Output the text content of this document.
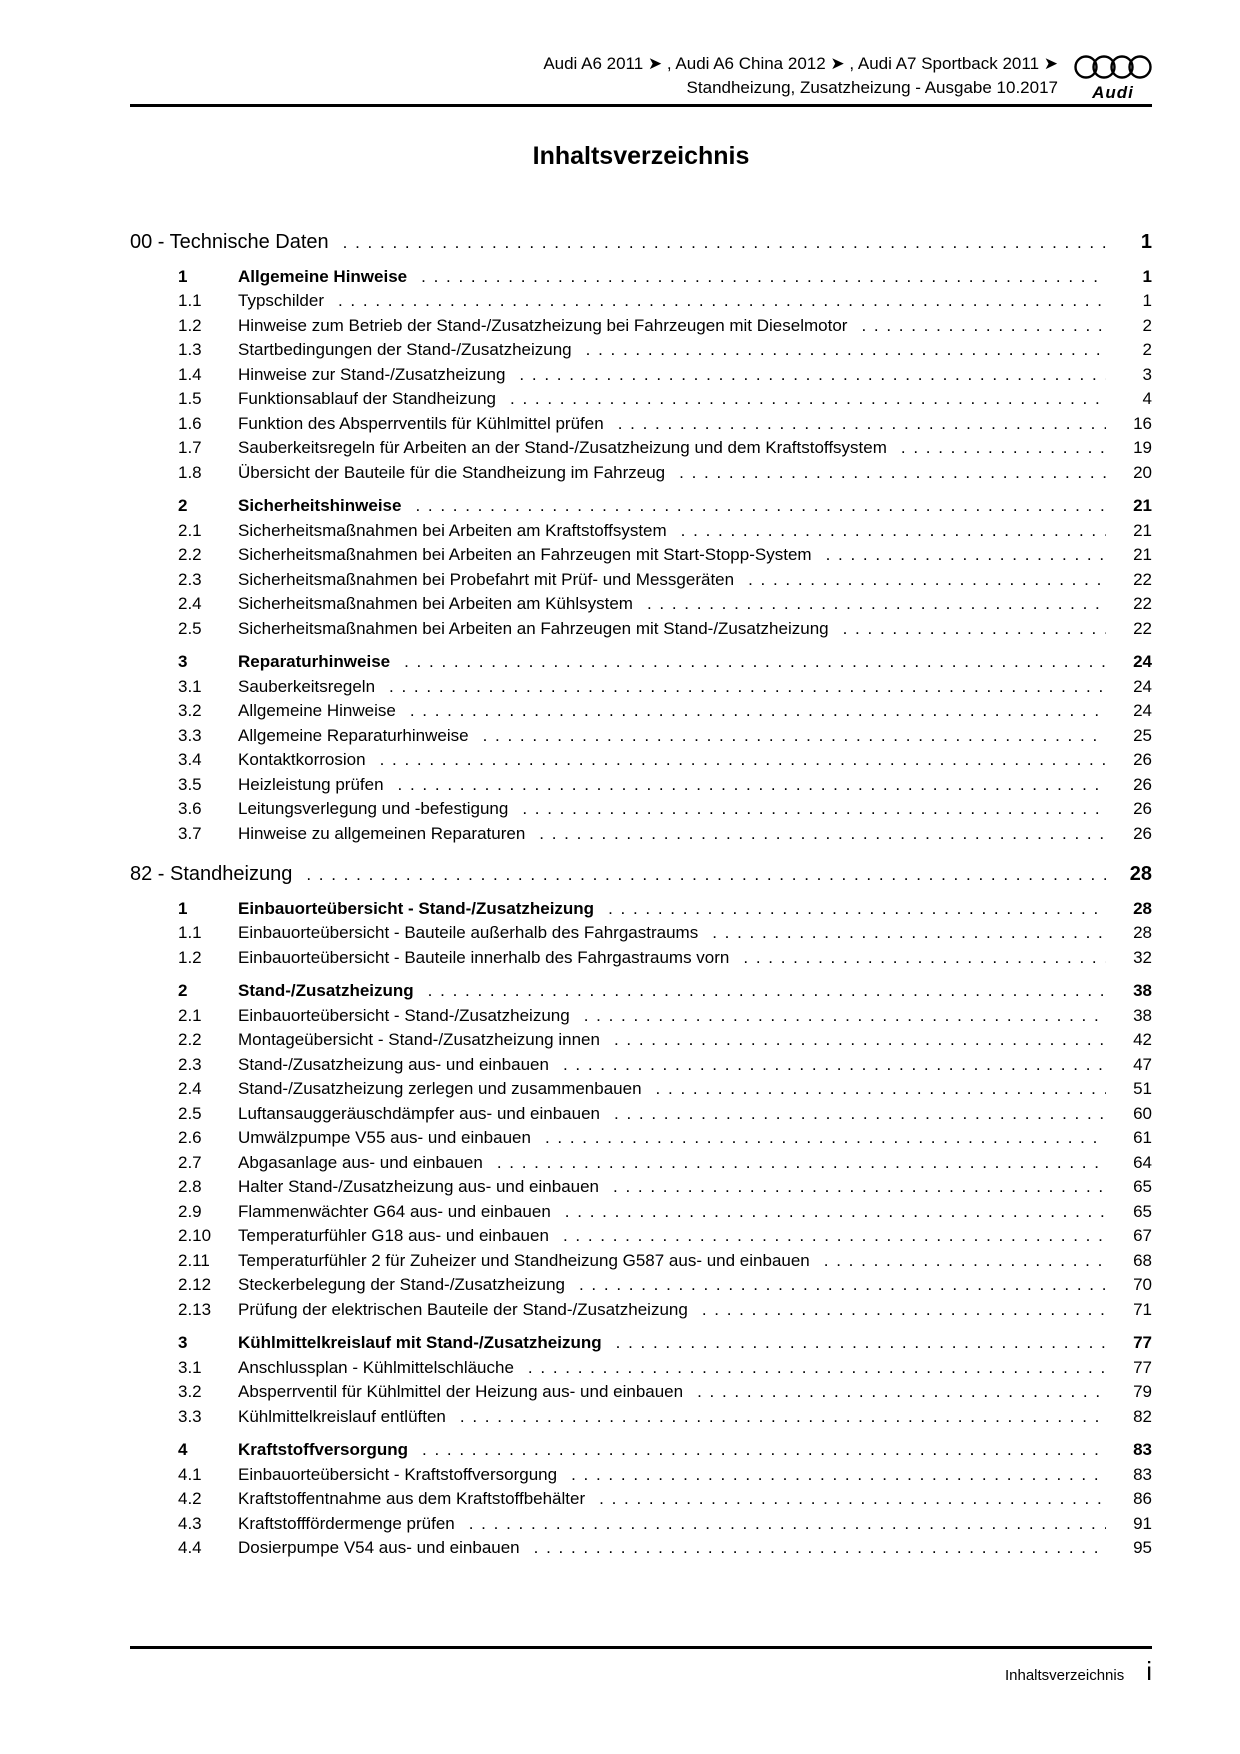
Audi A6 2011 ➤ , Audi A6 China 2012 ➤ , Audi A7 Sportback 2011 ➤
Standheizung, Zusatzheizung - Ausgabe 10.2017	Audi
Inhaltsverzeichnis
00 - Technische Daten . . .	1
1	Allgemeine Hinweise . . .	1
1.1	Typschilder . . .	1
1.2	Hinweise zum Betrieb der Stand-/Zusatzheizung bei Fahrzeugen mit Dieselmotor . . .	2
1.3	Startbedingungen der Stand-/Zusatzheizung . . .	2
1.4	Hinweise zur Stand-/Zusatzheizung . . .	3
1.5	Funktionsablauf der Standheizung . . .	4
1.6	Funktion des Absperrventils für Kühlmittel prüfen . . .	16
1.7	Sauberkeitsregeln für Arbeiten an der Stand-/Zusatzheizung und dem Kraftstoffsystem . . .	19
1.8	Übersicht der Bauteile für die Standheizung im Fahrzeug . . .	20
2	Sicherheitshinweise . . .	21
2.1	Sicherheitsmaßnahmen bei Arbeiten am Kraftstoffsystem . . .	21
2.2	Sicherheitsmaßnahmen bei Arbeiten an Fahrzeugen mit Start-Stopp-System . . .	21
2.3	Sicherheitsmaßnahmen bei Probefahrt mit Prüf- und Messgeräten . . .	22
2.4	Sicherheitsmaßnahmen bei Arbeiten am Kühlsystem . . .	22
2.5	Sicherheitsmaßnahmen bei Arbeiten an Fahrzeugen mit Stand-/Zusatzheizung . . .	22
3	Reparaturhinweise . . .	24
3.1	Sauberkeitsregeln . . .	24
3.2	Allgemeine Hinweise . . .	24
3.3	Allgemeine Reparaturhinweise . . .	25
3.4	Kontaktkorrosion . . .	26
3.5	Heizleistung prüfen . . .	26
3.6	Leitungsverlegung und -befestigung . . .	26
3.7	Hinweise zu allgemeinen Reparaturen . . .	26
82 - Standheizung . . .	28
1	Einbauorteübersicht - Stand-/Zusatzheizung . . .	28
1.1	Einbauorteübersicht - Bauteile außerhalb des Fahrgastraums . . .	28
1.2	Einbauorteübersicht - Bauteile innerhalb des Fahrgastraums vorn . . .	32
2	Stand-/Zusatzheizung . . .	38
2.1	Einbauorteübersicht - Stand-/Zusatzheizung . . .	38
2.2	Montageübersicht - Stand-/Zusatzheizung innen . . .	42
2.3	Stand-/Zusatzheizung aus- und einbauen . . .	47
2.4	Stand-/Zusatzheizung zerlegen und zusammenbauen . . .	51
2.5	Luftansauggeräuschdämpfer aus- und einbauen . . .	60
2.6	Umwälzpumpe V55 aus- und einbauen . . .	61
2.7	Abgasanlage aus- und einbauen . . .	64
2.8	Halter Stand-/Zusatzheizung aus- und einbauen . . .	65
2.9	Flammenwächter G64 aus- und einbauen . . .	65
2.10	Temperaturfühler G18 aus- und einbauen . . .	67
2.11	Temperaturfühler 2 für Zuheizer und Standheizung G587 aus- und einbauen . . .	68
2.12	Steckerbelegung der Stand-/Zusatzheizung . . .	70
2.13	Prüfung der elektrischen Bauteile der Stand-/Zusatzheizung . . .	71
3	Kühlmittelkreislauf mit Stand-/Zusatzheizung . . .	77
3.1	Anschlussplan - Kühlmittelschläuche . . .	77
3.2	Absperrventil für Kühlmittel der Heizung aus- und einbauen . . .	79
3.3	Kühlmittelkreislauf entlüften . . .	82
4	Kraftstoffversorgung . . .	83
4.1	Einbauorteübersicht - Kraftstoffversorgung . . .	83
4.2	Kraftstoffentnahme aus dem Kraftstoffbehälter . . .	86
4.3	Kraftstofffördermenge prüfen . . .	91
4.4	Dosierpumpe V54 aus- und einbauen . . .	95
Inhaltsverzeichnis i
